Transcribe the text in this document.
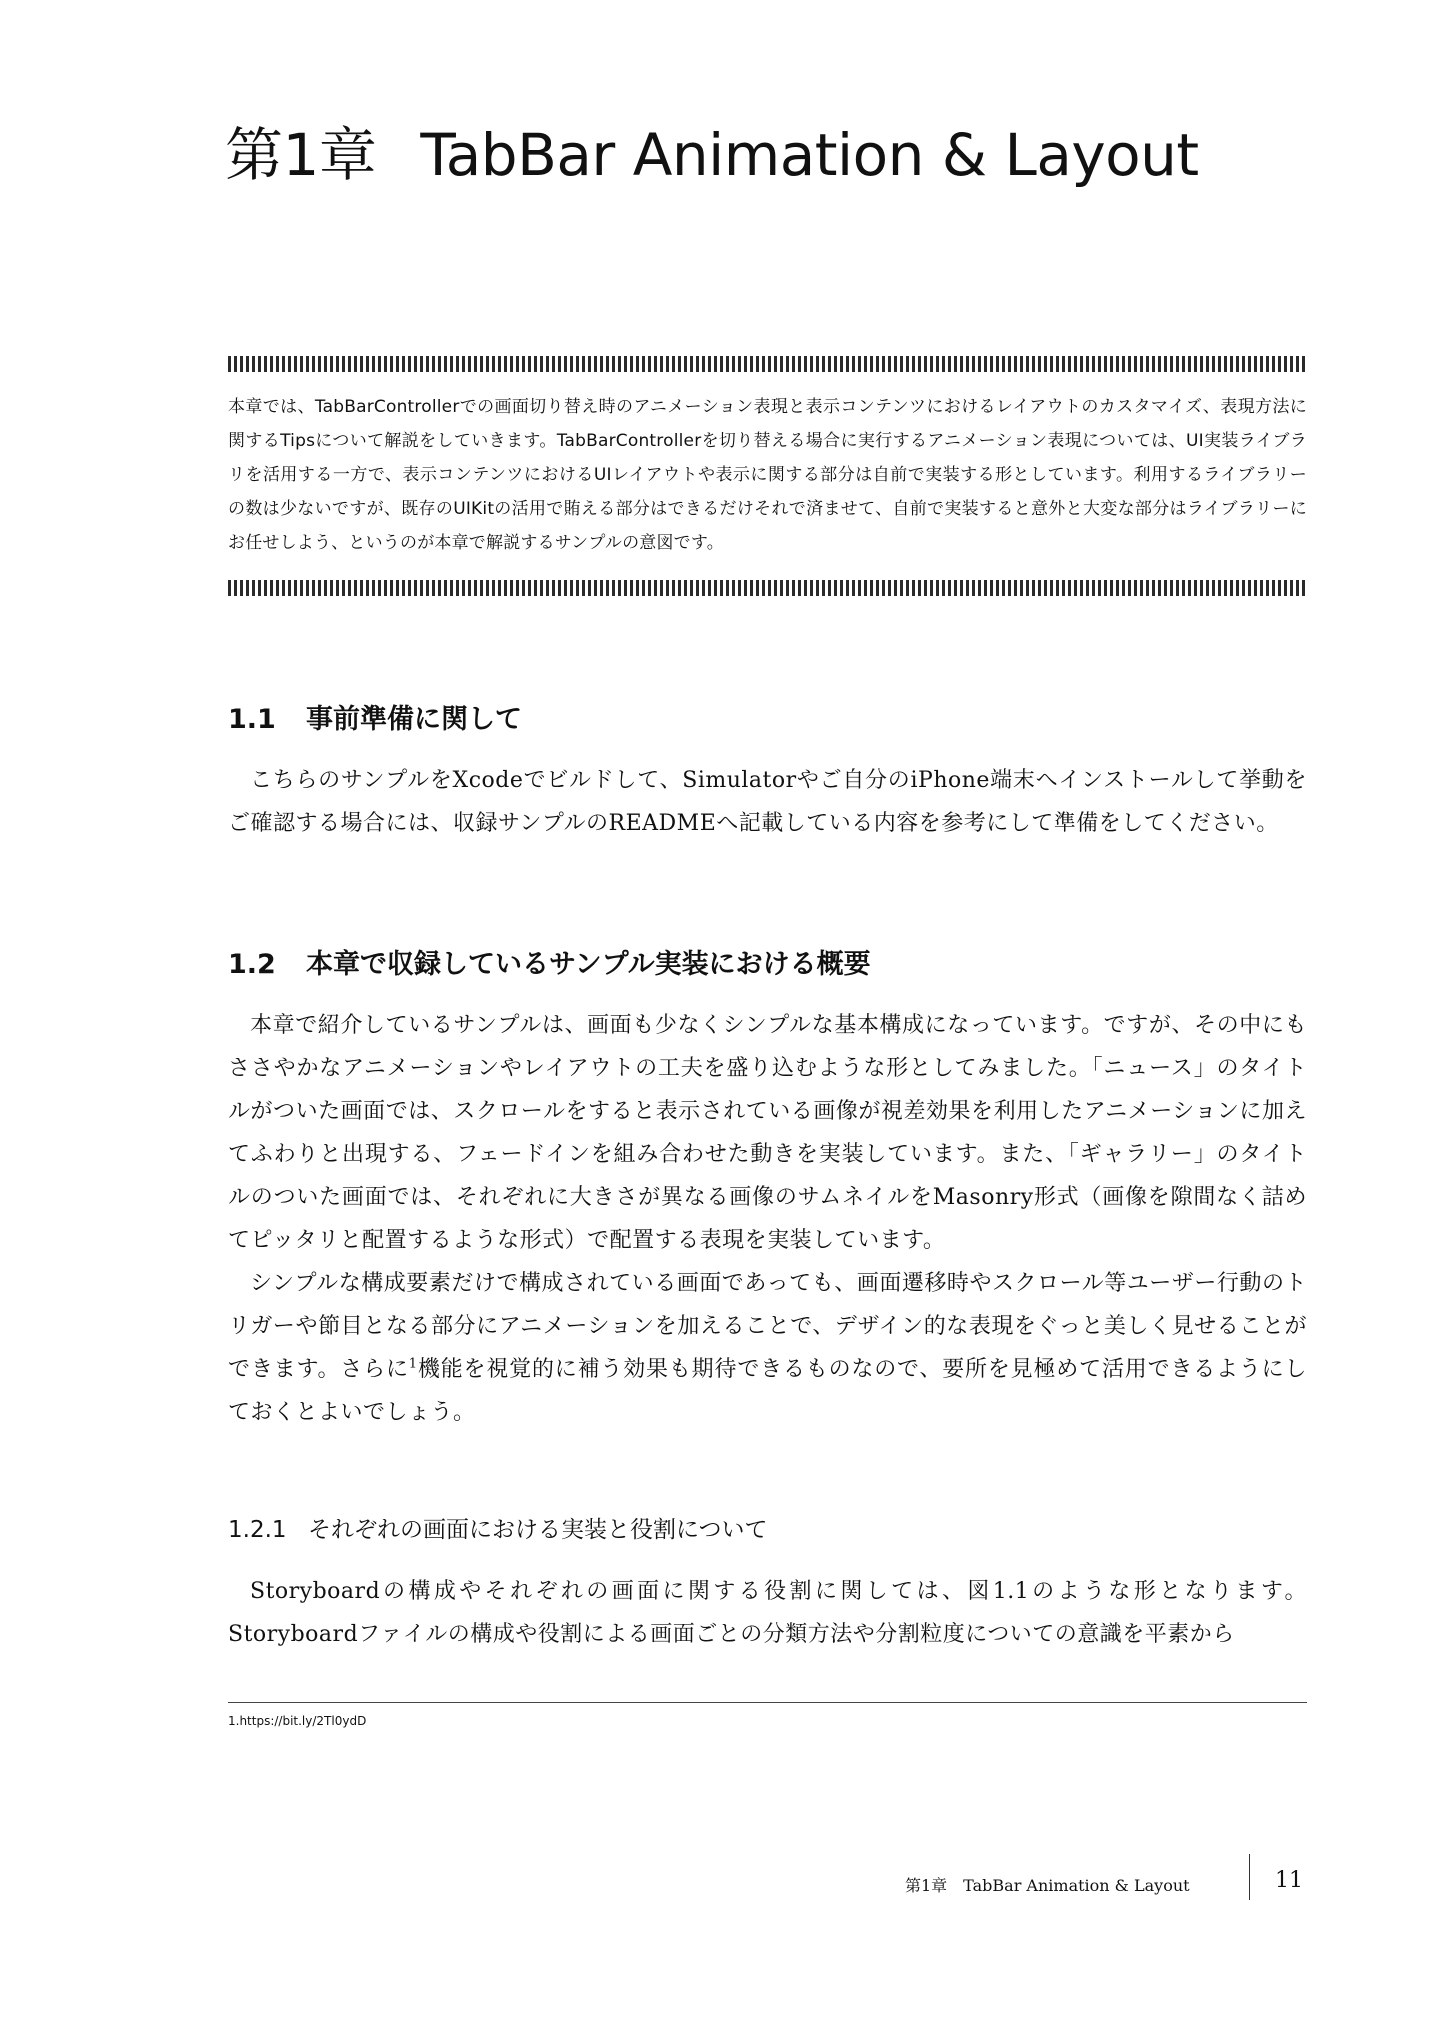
第1章 TabBar Animation & Layout

本章では、TabBarControllerでの画面切り替え時のアニメーション表現と表示コンテンツにおけるレイアウトのカスタマイズ、表現方法に関するTipsについて解説をしていきます。TabBarControllerを切り替える場合に実行するアニメーション表現については、UI実装ライブラリを活用する一方で、表示コンテンツにおけるUIレイアウトや表示に関する部分は自前で実装する形としています。利用するライブラリーの数は少ないですが、既存のUIKitの活用で賄える部分はできるだけそれで済ませて、自前で実装すると意外と大変な部分はライブラリーにお任せしよう、というのが本章で解説するサンプルの意図です。

1.1 事前準備に関して

こちらのサンプルをXcodeでビルドして、Simulatorやご自分のiPhone端末へインストールして挙動をご確認する場合には、収録サンプルのREADMEへ記載している内容を参考にして準備をしてください。

1.2 本章で収録しているサンプル実装における概要

本章で紹介しているサンプルは、画面も少なくシンプルな基本構成になっています。ですが、その中にもささやかなアニメーションやレイアウトの工夫を盛り込むような形としてみました。「ニュース」のタイトルがついた画面では、スクロールをすると表示されている画像が視差効果を利用したアニメーションに加えてふわりと出現する、フェードインを組み合わせた動きを実装しています。また、「ギャラリー」のタイトルのついた画面では、それぞれに大きさが異なる画像のサムネイルをMasonry形式（画像を隙間なく詰めてピッタリと配置するような形式）で配置する表現を実装しています。

シンプルな構成要素だけで構成されている画面であっても、画面遷移時やスクロール等ユーザー行動のトリガーや節目となる部分にアニメーションを加えることで、デザイン的な表現をぐっと美しく見せることができます。さらに$^1$機能を視覚的に補う効果も期待できるものなので、要所を見極めて活用できるようにしておくとよいでしょう。

1.2.1 それぞれの画面における実装と役割について

Storyboardの構成やそれぞれの画面に関する役割に関しては、図1.1のような形となります。Storyboardファイルの構成や役割による画面ごとの分類方法や分割粒度についての意識を平素から

1.https://bit.ly/2Tl0ydD
第1章　TabBar Animation & Layout	11
